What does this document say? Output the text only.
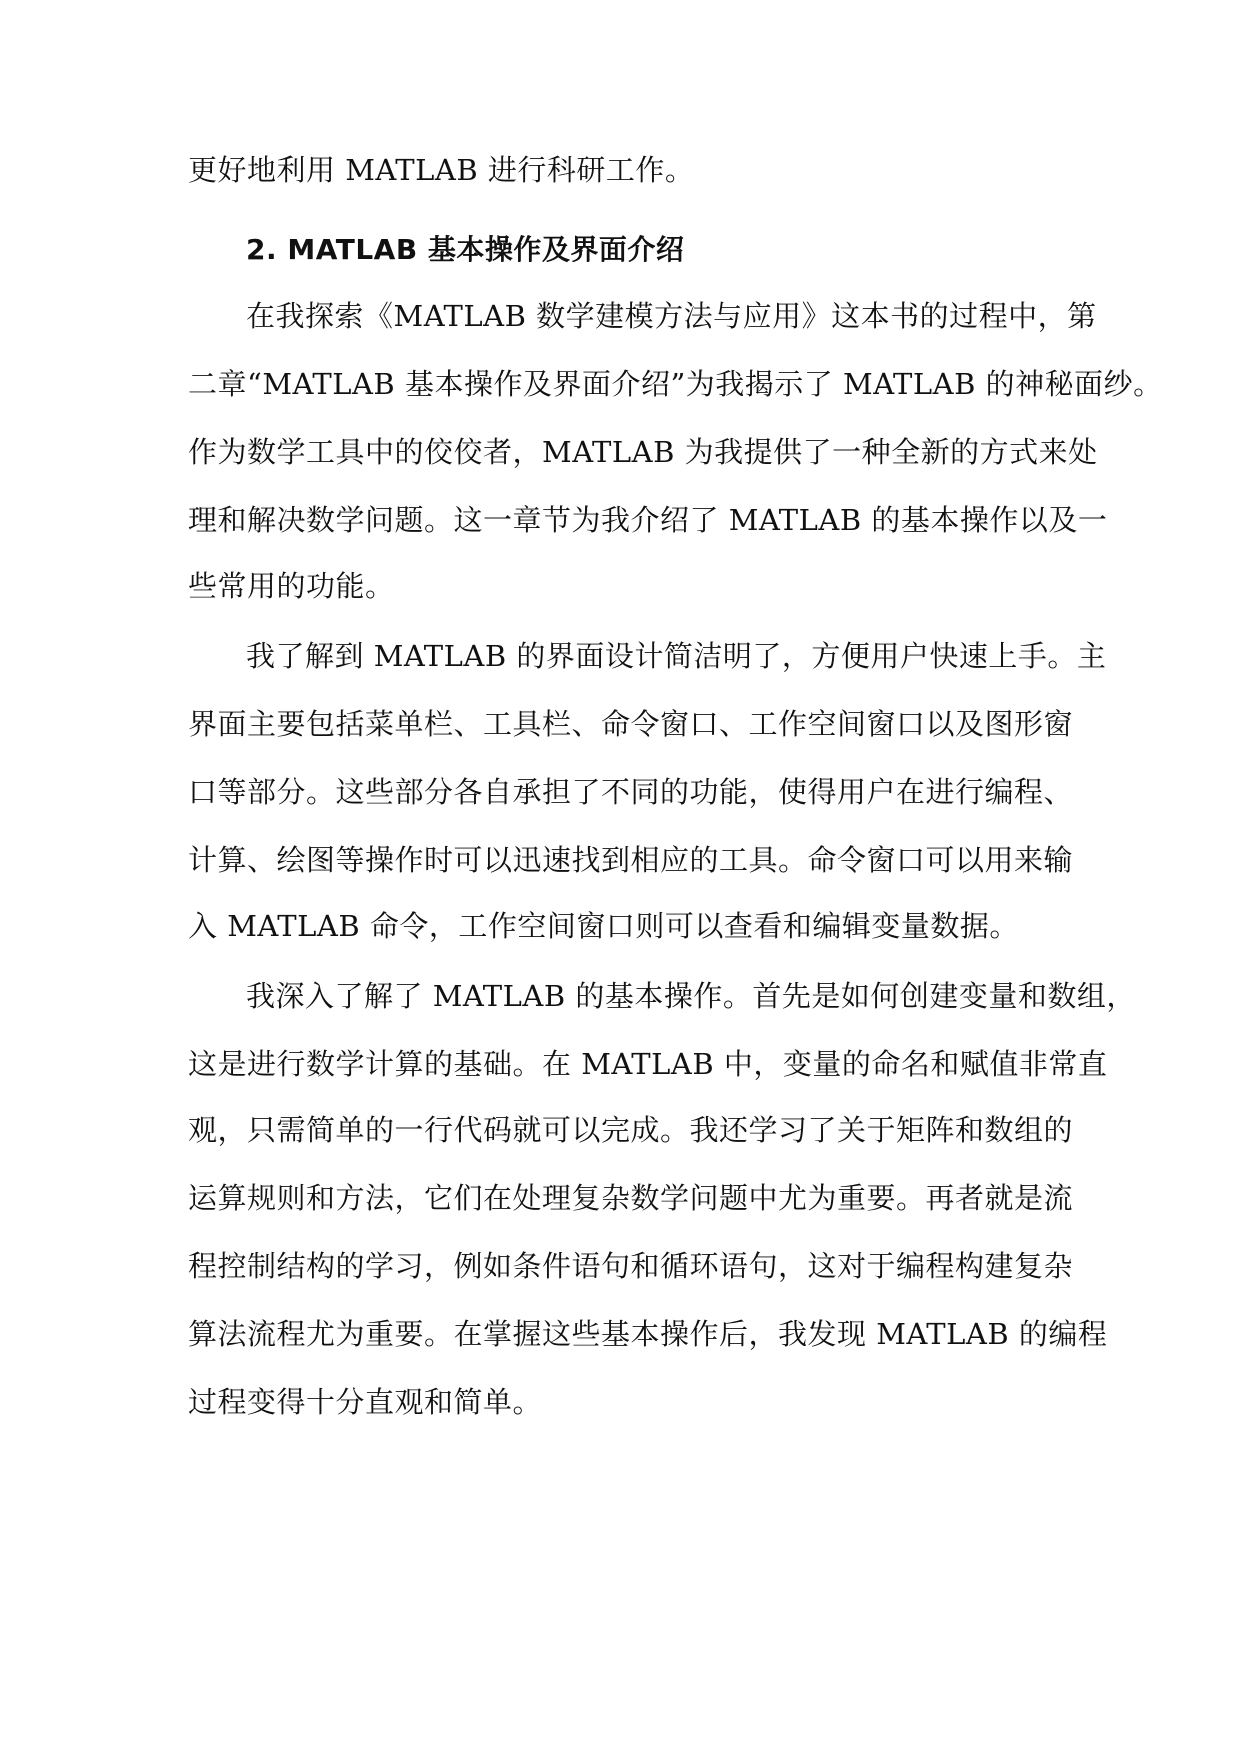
更好地利用 MATLAB 进行科研工作。
2. MATLAB 基本操作及界面介绍
在我探索《MATLAB 数学建模方法与应用》这本书的过程中，第
二章“MATLAB 基本操作及界面介绍”为我揭示了 MATLAB 的神秘面纱。
作为数学工具中的佼佼者，MATLAB 为我提供了一种全新的方式来处
理和解决数学问题。这一章节为我介绍了 MATLAB 的基本操作以及一
些常用的功能。
我了解到 MATLAB 的界面设计简洁明了，方便用户快速上手。主
界面主要包括菜单栏、工具栏、命令窗口、工作空间窗口以及图形窗
口等部分。这些部分各自承担了不同的功能，使得用户在进行编程、
计算、绘图等操作时可以迅速找到相应的工具。命令窗口可以用来输
入 MATLAB 命令，工作空间窗口则可以查看和编辑变量数据。
我深入了解了 MATLAB 的基本操作。首先是如何创建变量和数组，
这是进行数学计算的基础。在 MATLAB 中，变量的命名和赋值非常直
观，只需简单的一行代码就可以完成。我还学习了关于矩阵和数组的
运算规则和方法，它们在处理复杂数学问题中尤为重要。再者就是流
程控制结构的学习，例如条件语句和循环语句，这对于编程构建复杂
算法流程尤为重要。在掌握这些基本操作后，我发现 MATLAB 的编程
过程变得十分直观和简单。
